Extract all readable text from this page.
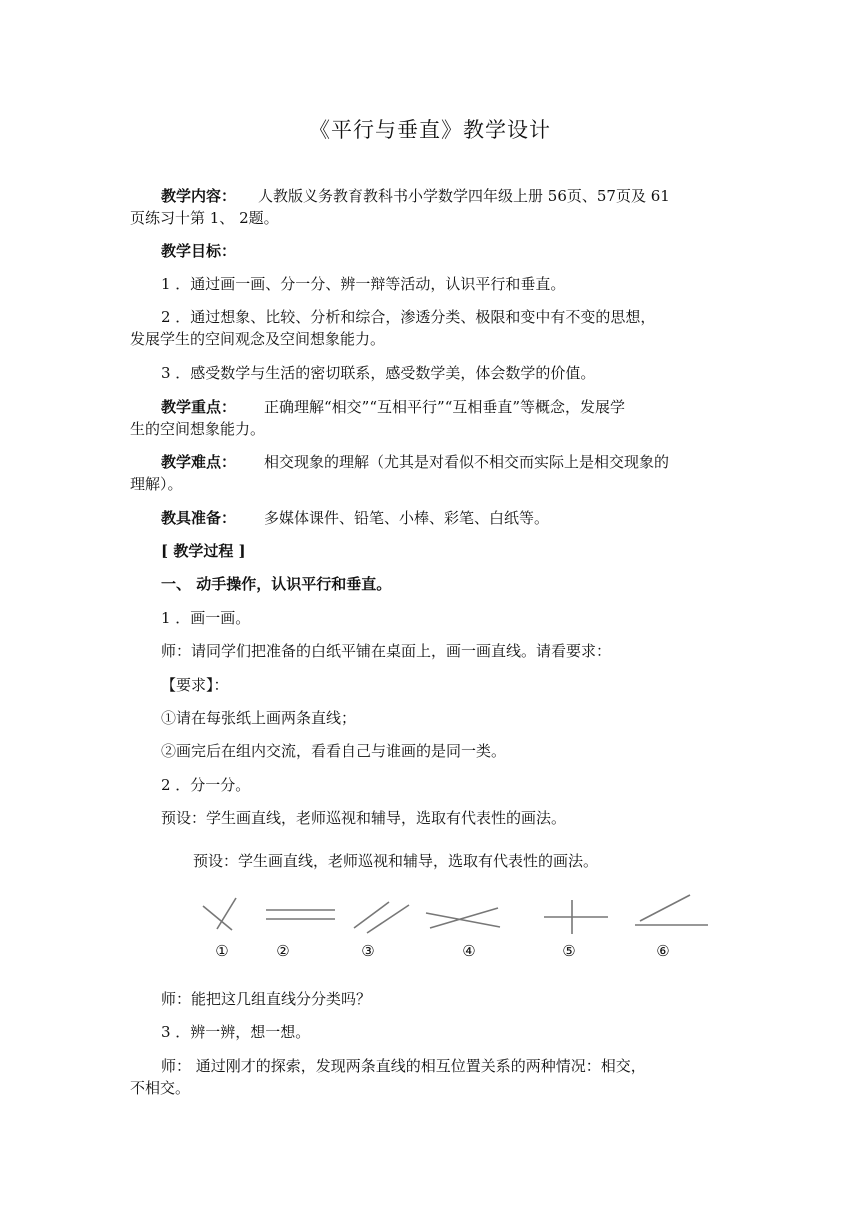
《平行与垂直》教学设计
教学内容： 人教版义务教育教科书小学数学四年级上册 56页、57页及 61
页练习十第 1、 2题。
教学目标：
1 ．通过画一画、分一分、辨一辩等活动，认识平行和垂直。
2 ．通过想象、比较、分析和综合，渗透分类、极限和变中有不变的思想，
发展学生的空间观念及空间想象能力。
3 ．感受数学与生活的密切联系，感受数学美，体会数学的价值。
教学重点： 正确理解“相交”“互相平行”“互相垂直”等概念，发展学
生的空间想象能力。
教学难点： 相交现象的理解（尤其是对看似不相交而实际上是相交现象的
理解）。
教具准备： 多媒体课件、铅笔、小棒、彩笔、白纸等。
[ 教学过程 ]
一、 动手操作，认识平行和垂直。
1 ．画一画。
师：请同学们把准备的白纸平铺在桌面上，画一画直线。请看要求：
【要求】：
①请在每张纸上画两条直线；
②画完后在组内交流，看看自己与谁画的是同一类。
2 ．分一分。
预设：学生画直线，老师巡视和辅导，选取有代表性的画法。
预设：学生画直线，老师巡视和辅导，选取有代表性的画法。
①	②	③	④	⑤	⑥
师：能把这几组直线分分类吗？
3 ．辨一辨，想一想。
师： 通过刚才的探索，发现两条直线的相互位置关系的两种情况：相交，
不相交。
